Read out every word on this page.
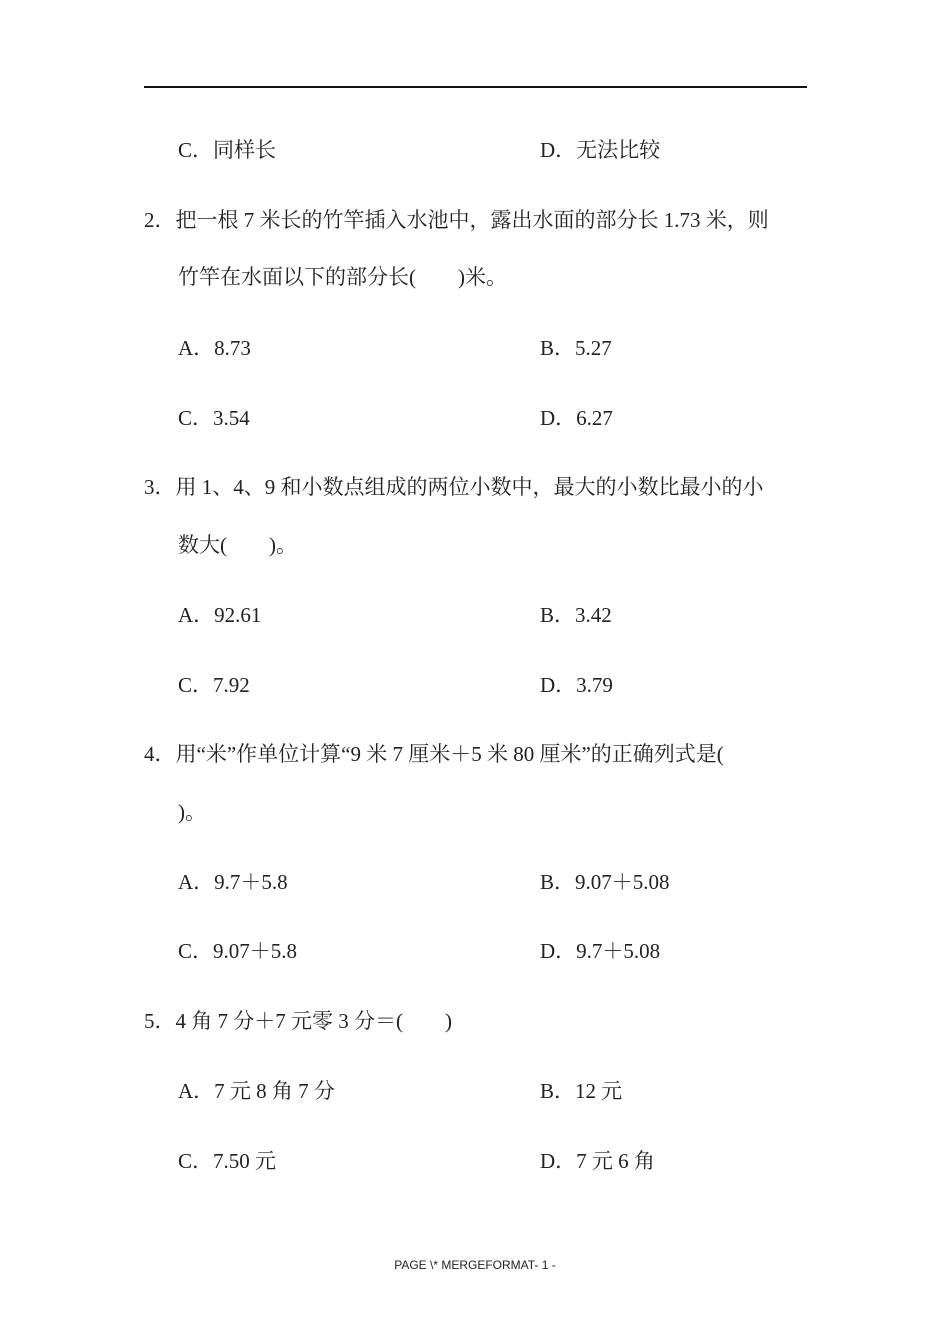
C．同样长	D．无法比较
2．把一根 7 米长的竹竿插入水池中，露出水面的部分长 1.73 米，则
竹竿在水面以下的部分长(　　)米。
A．8.73	B．5.27
C．3.54	D．6.27
3．用 1、4、9 和小数点组成的两位小数中，最大的小数比最小的小
数大(　　)。
A．92.61	B．3.42
C．7.92	D．3.79
4．用“米”作单位计算“9 米 7 厘米＋5 米 80 厘米”的正确列式是(
)。
A．9.7＋5.8	B．9.07＋5.08
C．9.07＋5.8	D．9.7＋5.08
5．4 角 7 分＋7 元零 3 分＝(　　)
A．7 元 8 角 7 分	B．12 元
C．7.50 元	D．7 元 6 角
PAGE \* MERGEFORMAT- 1 -
